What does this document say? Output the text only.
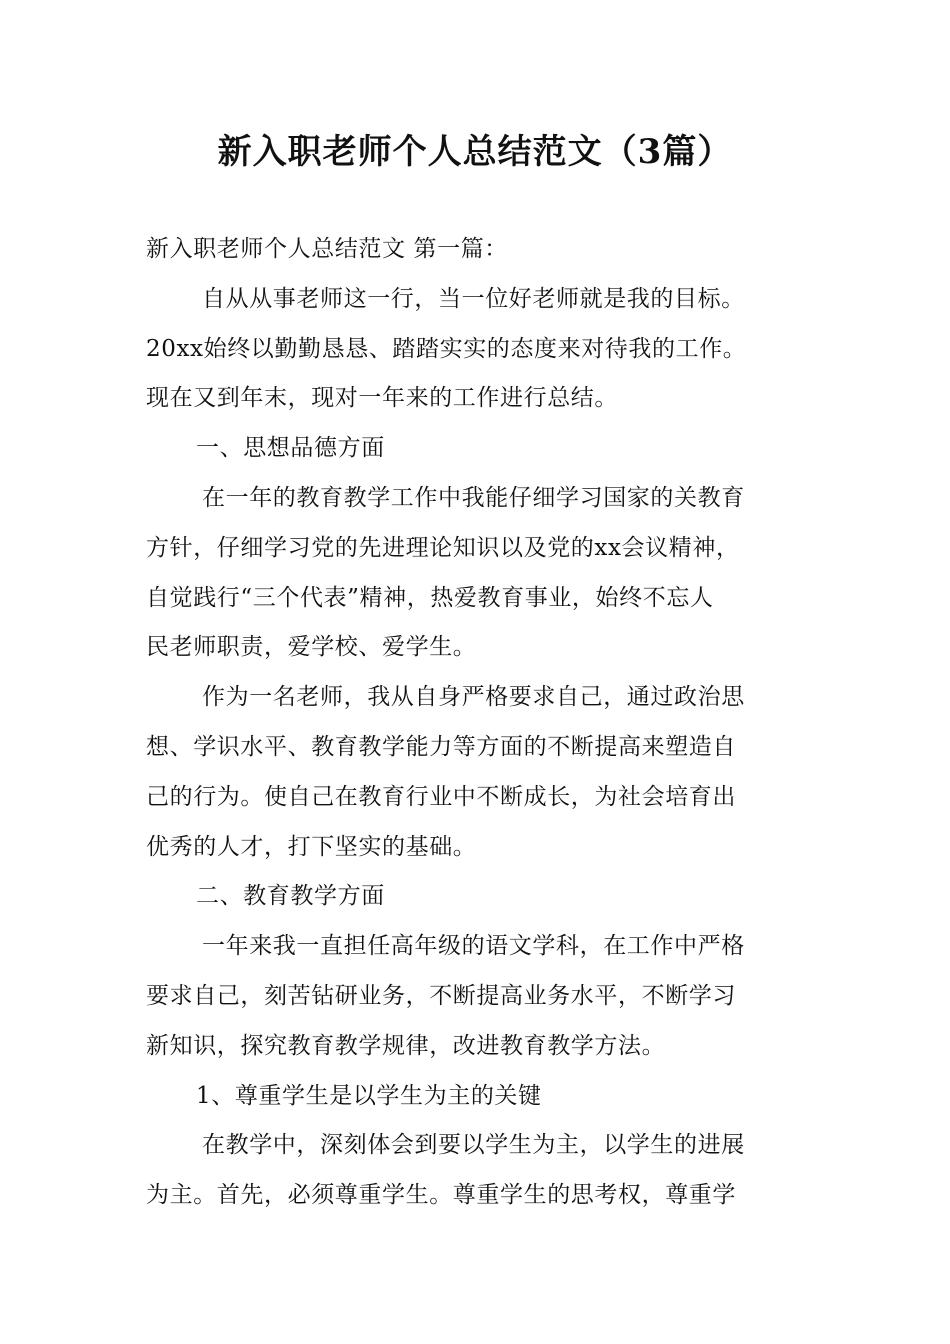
新入职老师个人总结范文（3篇）
新入职老师个人总结范文 第一篇：
自从从事老师这一行，当一位好老师就是我的目标。
20xx始终以勤勤恳恳、踏踏实实的态度来对待我的工作。
现在又到年末，现对一年来的工作进行总结。
一、思想品德方面
在一年的教育教学工作中我能仔细学习国家的关教育
方针，仔细学习党的先进理论知识以及党的xx会议精神，
自觉践行“三个代表”精神，热爱教育事业，始终不忘人
民老师职责，爱学校、爱学生。
作为一名老师，我从自身严格要求自己，通过政治思
想、学识水平、教育教学能力等方面的不断提高来塑造自
己的行为。使自己在教育行业中不断成长，为社会培育出
优秀的人才，打下坚实的基础。
二、教育教学方面
一年来我一直担任高年级的语文学科，在工作中严格
要求自己，刻苦钻研业务，不断提高业务水平，不断学习
新知识，探究教育教学规律，改进教育教学方法。
1、尊重学生是以学生为主的关键
在教学中，深刻体会到要以学生为主，以学生的进展
为主。首先，必须尊重学生。尊重学生的思考权，尊重学
